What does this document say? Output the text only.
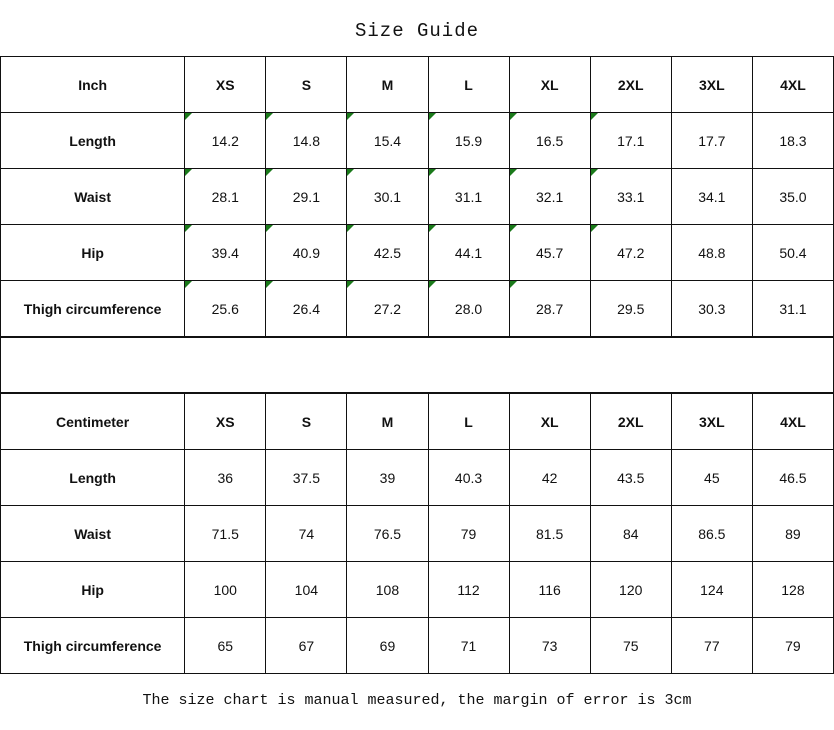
Size Guide
Inch	XS	S	M	L	XL	2XL	3XL	4XL
Length	14.2	14.8	15.4	15.9	16.5	17.1	17.7	18.3
Waist	28.1	29.1	30.1	31.1	32.1	33.1	34.1	35.0
Hip	39.4	40.9	42.5	44.1	45.7	47.2	48.8	50.4
Thigh circumference	25.6	26.4	27.2	28.0	28.7	29.5	30.3	31.1
Centimeter	XS	S	M	L	XL	2XL	3XL	4XL
Length	36	37.5	39	40.3	42	43.5	45	46.5
Waist	71.5	74	76.5	79	81.5	84	86.5	89
Hip	100	104	108	112	116	120	124	128
Thigh circumference	65	67	69	71	73	75	77	79
The size chart is manual measured, the margin of error is 3cm
